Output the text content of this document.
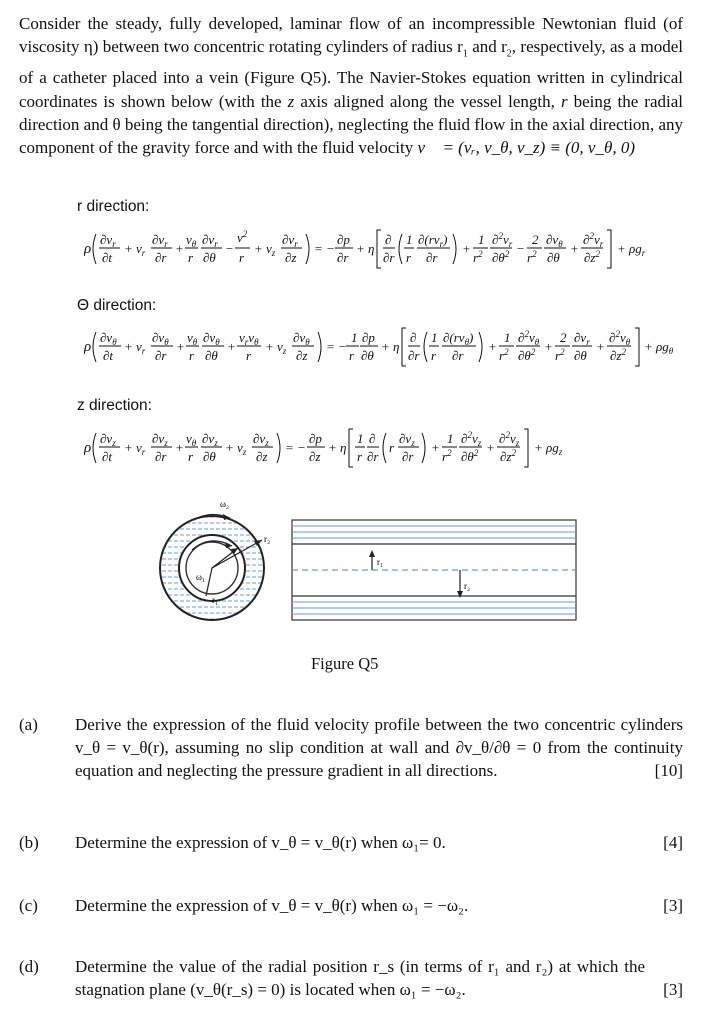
Consider the steady, fully developed, laminar flow of an incompressible Newtonian fluid (of viscosity η) between two concentric rotating cylinders of radius $r_1$ and $r_2$, respectively, as a model of a catheter placed into a vein (Figure Q5). The Navier-Stokes equation written in cylindrical coordinates is shown below (with the z axis aligned along the vessel length, r being the radial direction and θ being the tangential direction), neglecting the fluid flow in the axial direction, any component of the gravity force and with the fluid velocity v⃗ = (vᵣ, v_θ, v_z) ≡ (0, v_θ, 0)
r direction:
ρ
$\partial v_r$
∂t
+ $v_r$
$\partial v_r$
∂r
+
$v_\theta$
r
$\partial v_r$
∂θ
−
$v^2$
r
+ $v_z$
$\partial v_r$
∂z
= −
∂p
∂r
+ η
∂
∂r
1
r
$\partial(rv_r)$
∂r
+
1
$r^2$
$\partial^2v_r$
$\partial\theta^2$ −
2
$r^2$
$\partial v_\theta$
∂θ
+
$\partial^2v_r$
$\partial z^2 + \rho g_r$
Θ direction:
ρ
$\partial v_\theta$
∂t
+ $v_r$
$\partial v_\theta$
∂r
+
$v_\theta$
r
$\partial v_\theta$
∂θ
+
$v_rv_\theta$
r
+ $v_z$
$\partial v_\theta$
∂z
= −
1
r
∂p
∂θ
+ η
∂
∂r
1
r
$\partial(rv_\theta)$
∂r
+
1
$r^2$
$\partial^2v_\theta$
$\partial\theta^2$ +
2
$r^2$
$\partial v_r$
∂θ
+
$\partial^2v_\theta$
$\partial z^2 + \rho g_\theta$
z direction:
ρ
$\partial v_z$
∂t
+ $v_r$
$\partial v_z$
∂r
+
$v_\theta$
r
$\partial v_z$
∂θ
+ $v_z$
$\partial v_z$
∂z
= −
∂p
∂z
+ η
1
r
∂
∂r
r
$\partial v_z$
∂r
+
1
$r^2$
$\partial^2v_z$
$\partial\theta^2$ +
$\partial^2v_z$
$\partial z^2 + \rho g_z$
ω₂
ω₁
r₁
r₂
r₁
r₂
Figure Q5
(a) Derive the expression of the fluid velocity profile between the two concentric cylinders v_θ = v_θ(r), assuming no slip condition at wall and ∂v_θ/∂θ = 0 from the continuity equation and neglecting the pressure gradient in all directions.	[10]
(b) Determine the expression of v_θ = v_θ(r) when ω₁= 0.	[4]
(c) Determine the expression of v_θ = v_θ(r) when ω₁ = −ω₂.	[3]
(d) Determine the value of the radial position r_s (in terms of r₁ and r₂) at which the stagnation plane (v_θ(r_s) = 0) is located when ω₁ = −ω₂.	[3]
